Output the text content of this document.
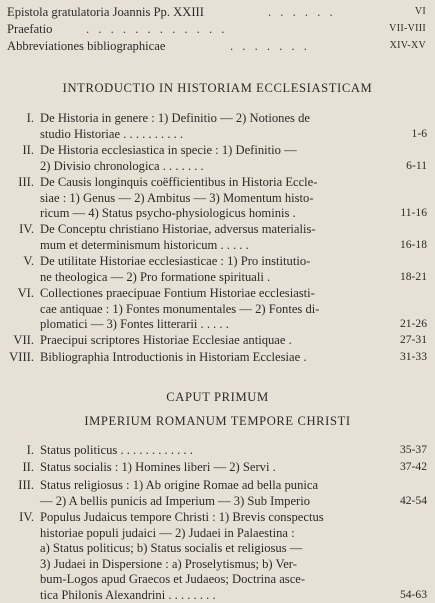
Epistola gratulatoria Joannis Pp. XXIII	. . . . . .	VI
Praefatio	. . . . . . . . . . . .	VII-VIII
Abbreviationes bibliographicae	. . . . . . .	XIV-XV
INTRODUCTIO IN HISTORIAM ECCLESIASTICAM
I. De Historia in genere : 1) Definitio — 2) Notiones de
studio Historiae . . . . . . . . . .	1-6
II. De Historia ecclesiastica in specie : 1) Definitio —
2) Divisio chronologica . . . . . . .	6-11
III. De Causis longinquis coëfficientibus in Historia Eccle-
siae : 1) Genus — 2) Ambitus — 3) Momentum histo-
ricum — 4) Status psycho-physiologicus hominis .	11-16
IV. De Conceptu christiano Historiae, adversus materialis-
mum et determinismum historicum . . . . .	16-18
V. De utilitate Historiae ecclesiasticae : 1) Pro institutio-
ne theologica — 2) Pro formatione spirituali .	18-21
VI. Collectiones praecipuae Fontium Historiae ecclesiasti-
cae antiquae : 1) Fontes monumentales — 2) Fontes di-
plomatici — 3) Fontes litterarii . . . . .	21-26
VII. Praecipui scriptores Historiae Ecclesiae antiquae .	27-31
VIII. Bibliographia Introductionis in Historiam Ecclesiae .	31-33
CAPUT PRIMUM
IMPERIUM ROMANUM TEMPORE CHRISTI
I. Status politicus . . . . . . . . . . . .	35-37
II. Status socialis : 1) Homines liberi — 2) Servi .	37-42
III. Status religiosus : 1) Ab origine Romae ad bella punica
— 2) A bellis punicis ad Imperium — 3) Sub Imperio	42-54
IV. Populus Judaicus tempore Christi : 1) Brevis conspectus
historiae populi judaici — 2) Judaei in Palaestina :
a) Status politicus; b) Status socialis et religiosus —
3) Judaei in Dispersione : a) Proselytismus; b) Ver-
bum-Logos apud Graecos et Judaeos; Doctrina asce-
tica Philonis Alexandrini . . . . . . . .	54-63
